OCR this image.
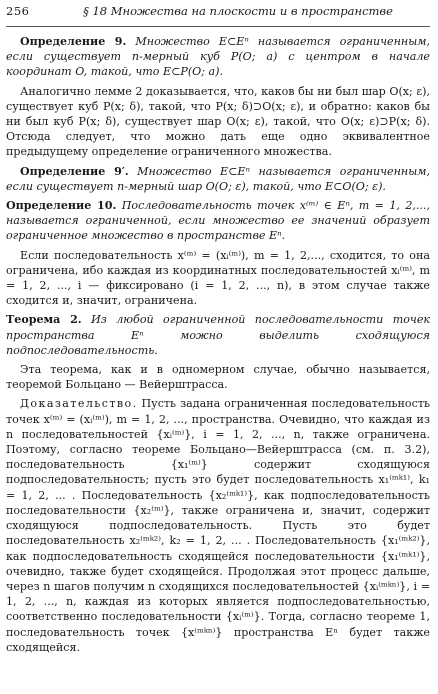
256	§ 18 Множества на плоскости и в пространстве

Определение 9. Множество E⊂Eⁿ называется ограниченным, если существует n-мерный куб P(O; a) с центром в начале координат O, такой, что E⊂P(O; a).

Аналогично лемме 2 доказывается, что, каков бы ни был шар O(x; ε), существует куб P(x; δ), такой, что P(x; δ)⊃O(x; ε), и обратно: каков бы ни был куб P(x; δ), существует шар O(x; ε), такой, что O(x; ε)⊃P(x; δ). Отсюда следует, что можно дать еще одно эквивалентное предыдущему определение ограниченного множества.

Определение 9′. Множество E⊂Eⁿ называется ограниченным, если существует n-мерный шар O(O; ε), такой, что E⊂O(O; ε).

Определение 10. Последовательность точек x⁽ᵐ⁾ ∈ Eⁿ, m = 1, 2,..., называется ограниченной, если множество ее значений образует ограниченное множество в пространстве Eⁿ.

Если последовательность x⁽ᵐ⁾ = (xᵢ⁽ᵐ⁾), m = 1, 2,..., сходится, то она ограничена, ибо каждая из координатных последовательностей xᵢ⁽ᵐ⁾, m = 1, 2, ..., i — фиксировано (i = 1, 2, ..., n), в этом случае также сходится и, значит, ограничена.

Теорема 2. Из любой ограниченной последовательности точек пространства Eⁿ можно выделить сходящуюся подпоследовательность.

Эта теорема, как и в одномерном случае, обычно называется, теоремой Больцано — Вейерштрасса.

Доказательство. Пусть задана ограниченная последовательность точек x⁽ᵐ⁾ = (xᵢ⁽ᵐ⁾), m = 1, 2, ..., пространства. Очевидно, что каждая из n последовательностей {xᵢ⁽ᵐ⁾}, i = 1, 2, ..., n, также ограничена. Поэтому, согласно теореме Больцано—Вейерштрасса (см. п. 3.2), последовательность {x₁⁽ᵐ⁾} содержит сходящуюся подпоследовательность; пусть это будет последовательность x₁⁽ᵐᵏ¹⁾, k₁ = 1, 2, ... . Последовательность {x₂⁽ᵐᵏ¹⁾}, как подпоследовательность последовательности {x₂⁽ᵐ⁾}, также ограничена и, значит, содержит сходящуюся подпоследовательность. Пусть это будет последовательность x₂⁽ᵐᵏ²⁾, k₂ = 1, 2, ... . Последовательность {x₁⁽ᵐᵏ²⁾}, как подпоследовательность сходящейся последовательности {x₁⁽ᵐᵏ¹⁾}, очевидно, также будет сходящейся. Продолжая этот процесс дальше, через n шагов получим n сходящихся последовательностей {xᵢ⁽ᵐᵏⁿ⁾}, i = 1, 2, ..., n, каждая из которых является подпоследовательностью, соответственно последовательности {xᵢ⁽ᵐ⁾}. Тогда, согласно теореме 1, последовательность точек {x⁽ᵐᵏⁿ⁾} пространства Eⁿ будет также сходящейся.
